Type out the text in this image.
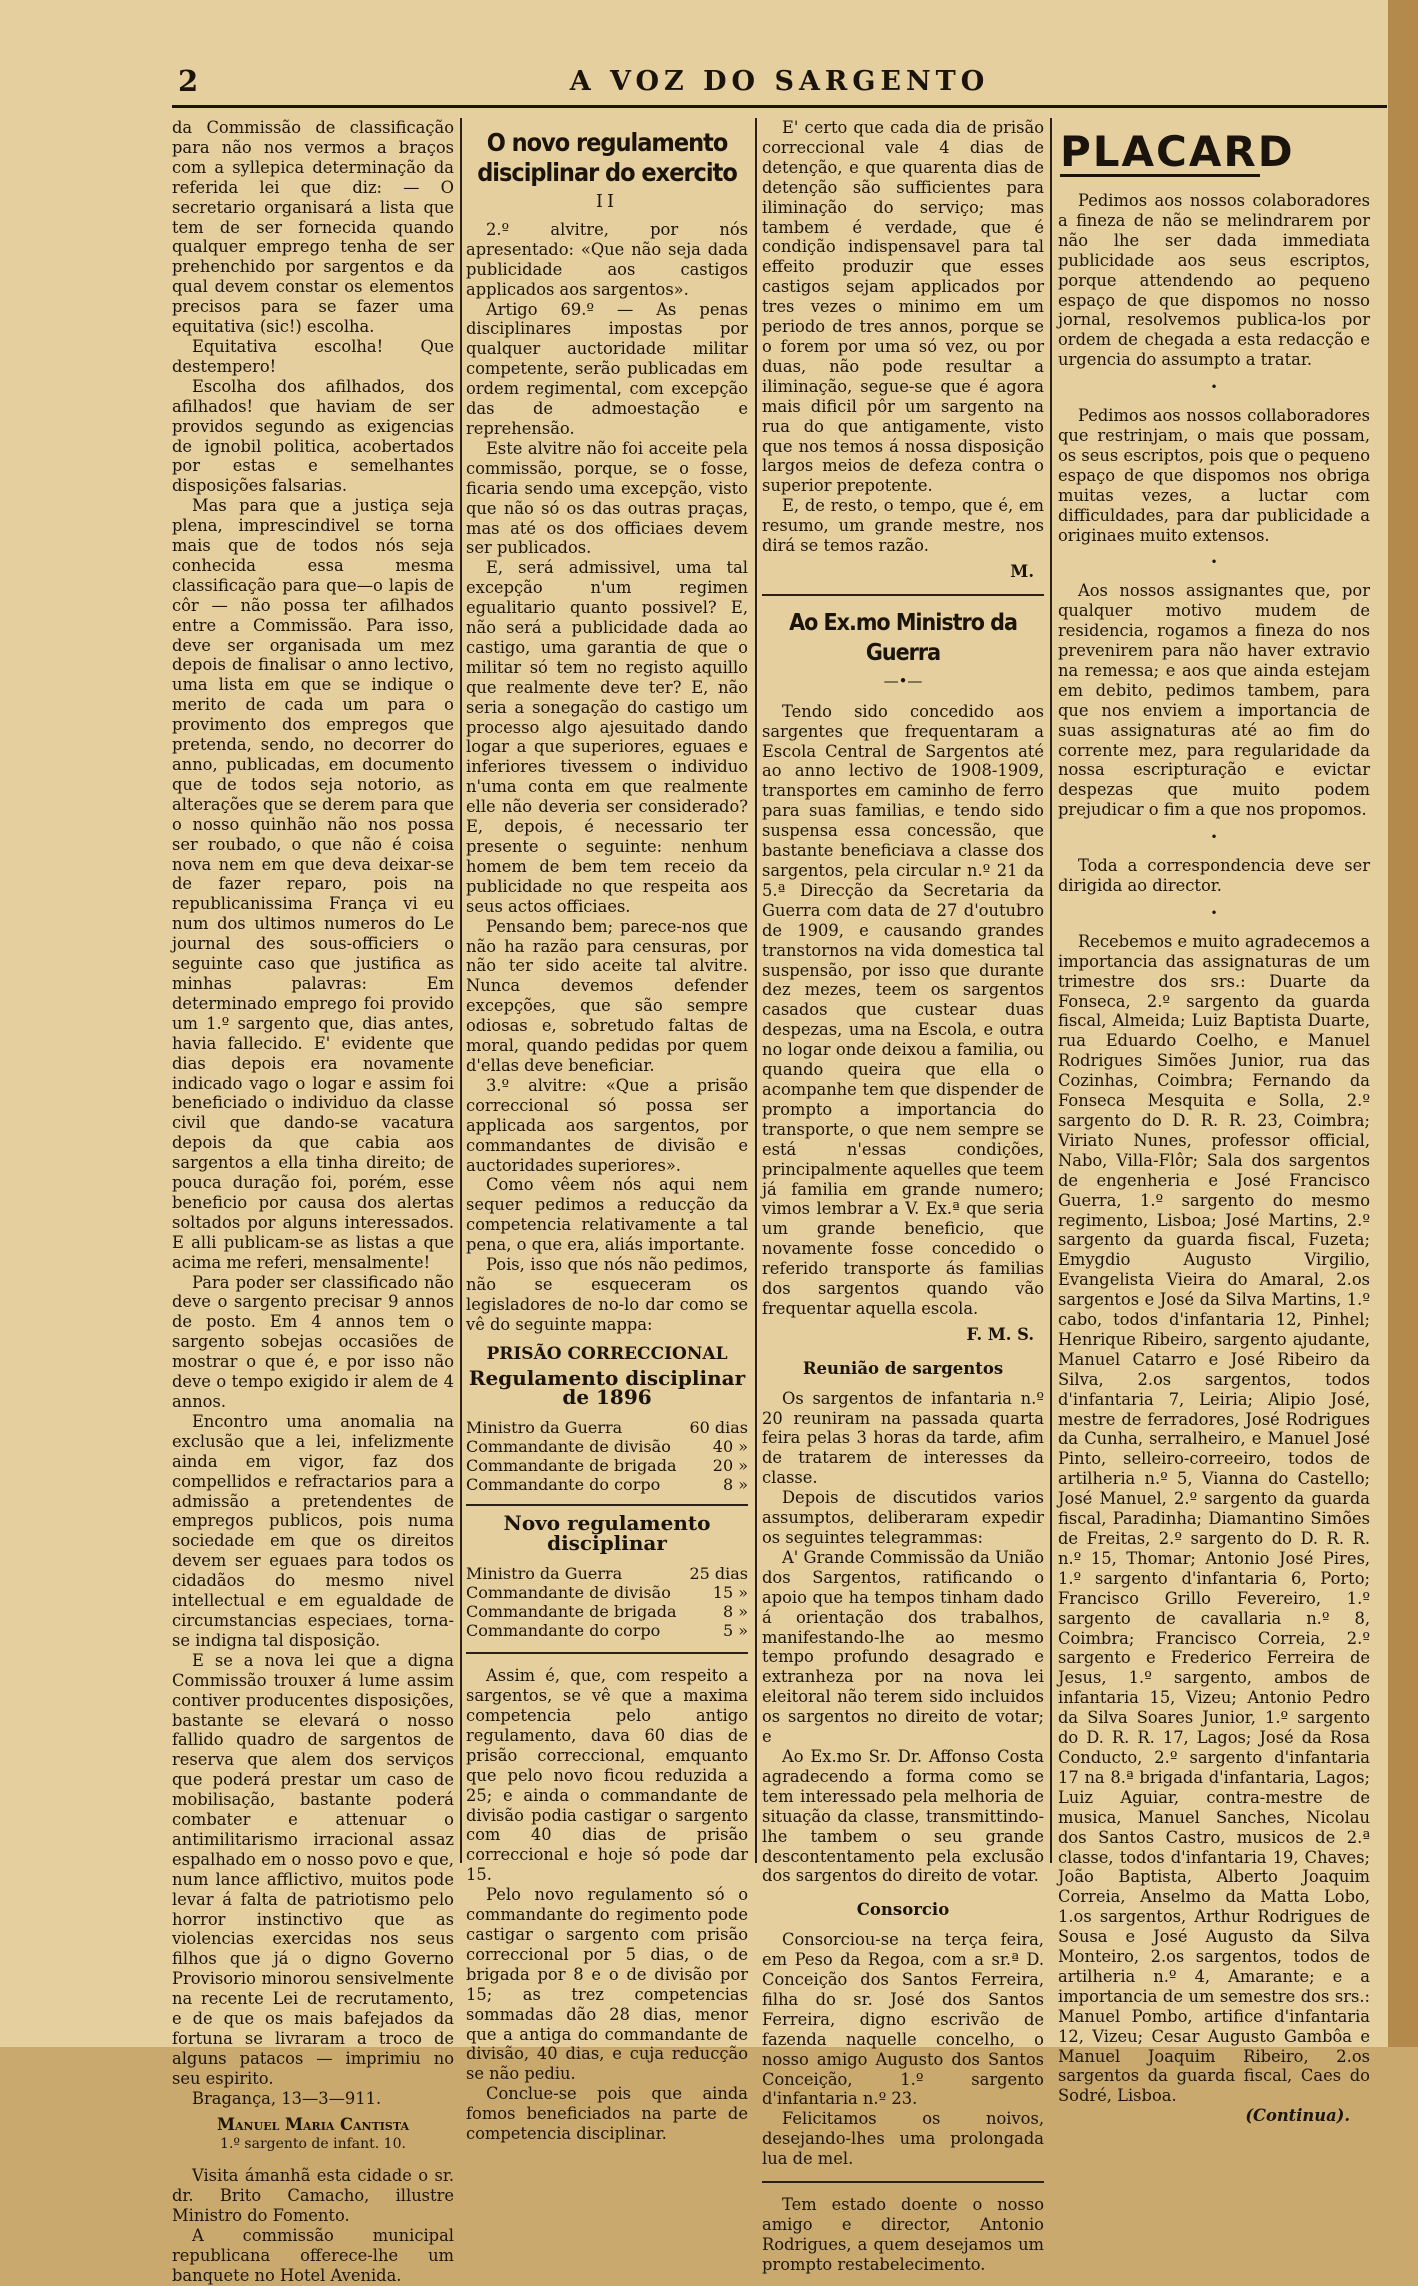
2	A VOZ DO SARGENTO

da Commissão de classificação para não nos vermos a braços com a syllepica determinação da referida lei que diz: — O secretario organisará a lista que tem de ser fornecida quando qualquer emprego tenha de ser prehenchido por sargentos e da qual devem constar os elementos precisos para se fazer uma equitativa (sic!) escolha.

Equitativa escolha! Que destempero!

Escolha dos afilhados, dos afilhados! que haviam de ser providos segundo as exigencias de ignobil politica, acobertados por estas e semelhantes disposições falsarias.

Mas para que a justiça seja plena, imprescindivel se torna mais que de todos nós seja conhecida essa mesma classificação para que—o lapis de côr — não possa ter afilhados entre a Commissão. Para isso, deve ser organisada um mez depois de finalisar o anno lectivo, uma lista em que se indique o merito de cada um para o provimento dos empregos que pretenda, sendo, no decorrer do anno, publicadas, em documento que de todos seja notorio, as alterações que se derem para que o nosso quinhão não nos possa ser roubado, o que não é coisa nova nem em que deva deixar-se de fazer reparo, pois na republicanissima França vi eu num dos ultimos numeros do Le journal des sous-officiers o seguinte caso que justifica as minhas palavras: Em determinado emprego foi provido um 1.º sargento que, dias antes, havia fallecido. E' evidente que dias depois era novamente indicado vago o logar e assim foi beneficiado o individuo da classe civil que dando-se vacatura depois da que cabia aos sargentos a ella tinha direito; de pouca duração foi, porém, esse beneficio por causa dos alertas soltados por alguns interessados. E alli publicam-se as listas a que acima me referi, mensalmente!

Para poder ser classificado não deve o sargento precisar 9 annos de posto. Em 4 annos tem o sargento sobejas occasiões de mostrar o que é, e por isso não deve o tempo exigido ir alem de 4 annos.

Encontro uma anomalia na exclusão que a lei, infelizmente ainda em vigor, faz dos compellidos e refractarios para a admissão a pretendentes de empregos publicos, pois numa sociedade em que os direitos devem ser eguaes para todos os cidadãos do mesmo nivel intellectual e em egualdade de circumstancias especiaes, torna-se indigna tal disposição.

E se a nova lei que a digna Commissão trouxer á lume assim contiver producentes disposições, bastante se elevará o nosso fallido quadro de sargentos de reserva que alem dos serviços que poderá prestar um caso de mobilisação, bastante poderá combater e attenuar o antimilitarismo irracional assaz espalhado em o nosso povo e que, num lance afflictivo, muitos pode levar á falta de patriotismo pelo horror instinctivo que as violencias exercidas nos seus filhos que já o digno Governo Provisorio minorou sensivelmente na recente Lei de recrutamento, e de que os mais bafejados da fortuna se livraram a troco de alguns patacos — imprimiu no seu espirito.

Bragança, 13—3—911.

Manuel Maria Cantista
1.º sargento de infant. 10.

Visita ámanhã esta cidade o sr. dr. Brito Camacho, illustre Ministro do Fomento.

A commissão municipal republicana offerece-lhe um banquete no Hotel Avenida.

O novo regulamento disciplinar do exercito
II

2.º alvitre, por nós apresentado: «Que não seja dada publicidade aos castigos applicados aos sargentos».

Artigo 69.º — As penas disciplinares impostas por qualquer auctoridade militar competente, serão publicadas em ordem regimental, com excepção das de admoestação e reprehensão.

Este alvitre não foi acceite pela commissão, porque, se o fosse, ficaria sendo uma excepção, visto que não só os das outras praças, mas até os dos officiaes devem ser publicados.

E, será admissivel, uma tal excepção n'um regimen egualitario quanto possivel? E, não será a publicidade dada ao castigo, uma garantia de que o militar só tem no registo aquillo que realmente deve ter? E, não seria a sonegação do castigo um processo algo ajesuitado dando logar a que superiores, eguaes e inferiores tivessem o individuo n'uma conta em que realmente elle não deveria ser considerado? E, depois, é necessario ter presente o seguinte: nenhum homem de bem tem receio da publicidade no que respeita aos seus actos officiaes.

Pensando bem; parece-nos que não ha razão para censuras, por não ter sido aceite tal alvitre. Nunca devemos defender excepções, que são sempre odiosas e, sobretudo faltas de moral, quando pedidas por quem d'ellas deve beneficiar.

3.º alvitre: «Que a prisão correccional só possa ser applicada aos sargentos, por commandantes de divisão e auctoridades superiores».

Como vêem nós aqui nem sequer pedimos a reducção da competencia relativamente a tal pena, o que era, aliás importante.

Pois, isso que nós não pedimos, não se esqueceram os legisladores de no-lo dar como se vê do seguinte mappa:

PRISÃO CORRECCIONAL
Regulamento disciplinar de 1896
Ministro da Guerra	60 dias
Commandante de divisão	40 »
Commandante de brigada	20 »
Commandante do corpo	8 »
Novo regulamento disciplinar
Ministro da Guerra	25 dias
Commandante de divisão	15 »
Commandante de brigada	8 »
Commandante do corpo	5 »

Assim é, que, com respeito a sargentos, se vê que a maxima competencia pelo antigo regulamento, dava 60 dias de prisão correccional, emquanto que pelo novo ficou reduzida a 25; e ainda o commandante de divisão podia castigar o sargento com 40 dias de prisão correccional e hoje só pode dar 15.

Pelo novo regulamento só o commandante do regimento pode castigar o sargento com prisão correccional por 5 dias, o de brigada por 8 e o de divisão por 15; as trez competencias sommadas dão 28 dias, menor que a antiga do commandante de divisão, 40 dias, e cuja reducção se não pediu.

Conclue-se pois que ainda fomos beneficiados na parte de competencia disciplinar.

E' certo que cada dia de prisão correccional vale 4 dias de detenção, e que quarenta dias de detenção são sufficientes para iliminação do serviço; mas tambem é verdade, que é condição indispensavel para tal effeito produzir que esses castigos sejam applicados por tres vezes o minimo em um periodo de tres annos, porque se o forem por uma só vez, ou por duas, não pode resultar a iliminação, segue-se que é agora mais dificil pôr um sargento na rua do que antigamente, visto que nos temos á nossa disposição largos meios de defeza contra o superior prepotente.

E, de resto, o tempo, que é, em resumo, um grande mestre, nos dirá se temos razão.

M.
Ao Ex.mo Ministro da Guerra
—•—

Tendo sido concedido aos sargentes que frequentaram a Escola Central de Sargentos até ao anno lectivo de 1908-1909, transportes em caminho de ferro para suas familias, e tendo sido suspensa essa concessão, que bastante beneficiava a classe dos sargentos, pela circular n.º 21 da 5.ª Direcção da Secretaria da Guerra com data de 27 d'outubro de 1909, e causando grandes transtornos na vida domestica tal suspensão, por isso que durante dez mezes, teem os sargentos casados que custear duas despezas, uma na Escola, e outra no logar onde deixou a familia, ou quando queira que ella o acompanhe tem que dispender de prompto a importancia do transporte, o que nem sempre se está n'essas condições, principalmente aquelles que teem já familia em grande numero; vimos lembrar a V. Ex.ª que seria um grande beneficio, que novamente fosse concedido o referido transporte ás familias dos sargentos quando vão frequentar aquella escola.

F. M. S.
Reunião de sargentos

Os sargentos de infantaria n.º 20 reuniram na passada quarta feira pelas 3 horas da tarde, afim de tratarem de interesses da classe.

Depois de discutidos varios assumptos, deliberaram expedir os seguintes telegrammas:

A' Grande Commissão da União dos Sargentos, ratificando o apoio que ha tempos tinham dado á orientação dos trabalhos, manifestando-lhe ao mesmo tempo profundo desagrado e extranheza por na nova lei eleitoral não terem sido incluidos os sargentos no direito de votar; e

Ao Ex.mo Sr. Dr. Affonso Costa agradecendo a forma como se tem interessado pela melhoria de situação da classe, transmittindo-lhe tambem o seu grande descontentamento pela exclusão dos sargentos do direito de votar.

Consorcio

Consorciou-se na terça feira, em Peso da Regoa, com a sr.ª D. Conceição dos Santos Ferreira, filha do sr. José dos Santos Ferreira, digno escrivão de fazenda naquelle concelho, o nosso amigo Augusto dos Santos Conceição, 1.º sargento d'infantaria n.º 23.

Felicitamos os noivos, desejando-lhes uma prolongada lua de mel.

Tem estado doente o nosso amigo e director, Antonio Rodrigues, a quem desejamos um prompto restabelecimento.

PLACARD

Pedimos aos nossos colaboradores a fineza de não se melindrarem por não lhe ser dada immediata publicidade aos seus escriptos, porque attendendo ao pequeno espaço de que dispomos no nosso jornal, resolvemos publica-los por ordem de chegada a esta redacção e urgencia do assumpto a tratar.

•

Pedimos aos nossos collaboradores que restrinjam, o mais que possam, os seus escriptos, pois que o pequeno espaço de que dispomos nos obriga muitas vezes, a luctar com difficuldades, para dar publicidade a originaes muito extensos.

•

Aos nossos assignantes que, por qualquer motivo mudem de residencia, rogamos a fineza do nos prevenirem para não haver extravio na remessa; e aos que ainda estejam em debito, pedimos tambem, para que nos enviem a importancia de suas assignaturas até ao fim do corrente mez, para regularidade da nossa escripturação e evictar despezas que muito podem prejudicar o fim a que nos propomos.

•

Toda a correspondencia deve ser dirigida ao director.

•

Recebemos e muito agradecemos a importancia das assignaturas de um trimestre dos srs.: Duarte da Fonseca, 2.º sargento da guarda fiscal, Almeida; Luiz Baptista Duarte, rua Eduardo Coelho, e Manuel Rodrigues Simões Junior, rua das Cozinhas, Coimbra; Fernando da Fonseca Mesquita e Solla, 2.º sargento do D. R. R. 23, Coimbra; Viriato Nunes, professor official, Nabo, Villa-Flôr; Sala dos sargentos de engenheria e José Francisco Guerra, 1.º sargento do mesmo regimento, Lisboa; José Martins, 2.º sargento da guarda fiscal, Fuzeta; Emygdio Augusto Virgilio, Evangelista Vieira do Amaral, 2.os sargentos e José da Silva Martins, 1.º cabo, todos d'infantaria 12, Pinhel; Henrique Ribeiro, sargento ajudante, Manuel Catarro e José Ribeiro da Silva, 2.os sargentos, todos d'infantaria 7, Leiria; Alipio José, mestre de ferradores, José Rodrigues da Cunha, serralheiro, e Manuel José Pinto, selleiro-correeiro, todos de artilheria n.º 5, Vianna do Castello; José Manuel, 2.º sargento da guarda fiscal, Paradinha; Diamantino Simões de Freitas, 2.º sargento do D. R. R. n.º 15, Thomar; Antonio José Pires, 1.º sargento d'infantaria 6, Porto; Francisco Grillo Fevereiro, 1.º sargento de cavallaria n.º 8, Coimbra; Francisco Correia, 2.º sargento e Frederico Ferreira de Jesus, 1.º sargento, ambos de infantaria 15, Vizeu; Antonio Pedro da Silva Soares Junior, 1.º sargento do D. R. R. 17, Lagos; José da Rosa Conducto, 2.º sargento d'infantaria 17 na 8.ª brigada d'infantaria, Lagos; Luiz Aguiar, contra-mestre de musica, Manuel Sanches, Nicolau dos Santos Castro, musicos de 2.ª classe, todos d'infantaria 19, Chaves; João Baptista, Alberto Joaquim Correia, Anselmo da Matta Lobo, 1.os sargentos, Arthur Rodrigues de Sousa e José Augusto da Silva Monteiro, 2.os sargentos, todos de artilheria n.º 4, Amarante; e a importancia de um semestre dos srs.: Manuel Pombo, artifice d'infantaria 12, Vizeu; Cesar Augusto Gambôa e Manuel Joaquim Ribeiro, 2.os sargentos da guarda fiscal, Caes do Sodré, Lisboa.

(Continua).
